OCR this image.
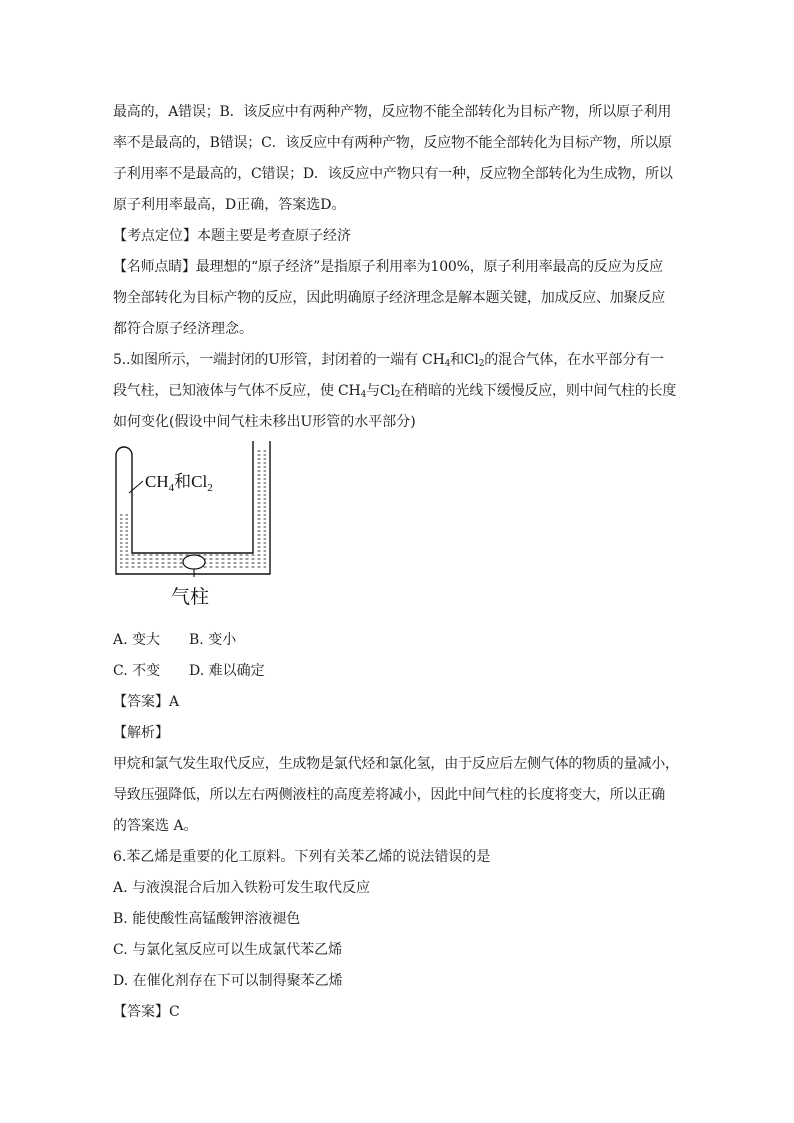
最高的，A错误；B．该反应中有两种产物，反应物不能全部转化为目标产物，所以原子利用
率不是最高的，B错误；C．该反应中有两种产物，反应物不能全部转化为目标产物，所以原
子利用率不是最高的，C错误；D．该反应中产物只有一种，反应物全部转化为生成物，所以
原子利用率最高，D正确，答案选D。
【考点定位】本题主要是考查原子经济
【名师点睛】最理想的“原子经济”是指原子利用率为100%，原子利用率最高的反应为反应
物全部转化为目标产物的反应，因此明确原子经济理念是解本题关键，加成反应、加聚反应
都符合原子经济理念。
5..如图所示，一端封闭的U形管，封闭着的一端有 $CH_4$和$Cl_2$的混合气体，在水平部分有一
段气柱，已知液体与气体不反应，使 $CH_4$与$Cl_2$在稍暗的光线下缓慢反应，则中间气柱的长度
如何变化(假设中间气柱未移出U形管的水平部分)
$CH_4$和$Cl_2$
气柱
A. 变大 B. 变小
C. 不变 D. 难以确定
【答案】A
【解析】
甲烷和氯气发生取代反应，生成物是氯代烃和氯化氢，由于反应后左侧气体的物质的量减小，
导致压强降低，所以左右两侧液柱的高度差将减小，因此中间气柱的长度将变大，所以正确
的答案选 A。
6.苯乙烯是重要的化工原料。下列有关苯乙烯的说法错误的是
A. 与液溴混合后加入铁粉可发生取代反应
B. 能使酸性高锰酸钾溶液褪色
C. 与氯化氢反应可以生成氯代苯乙烯
D. 在催化剂存在下可以制得聚苯乙烯
【答案】C
